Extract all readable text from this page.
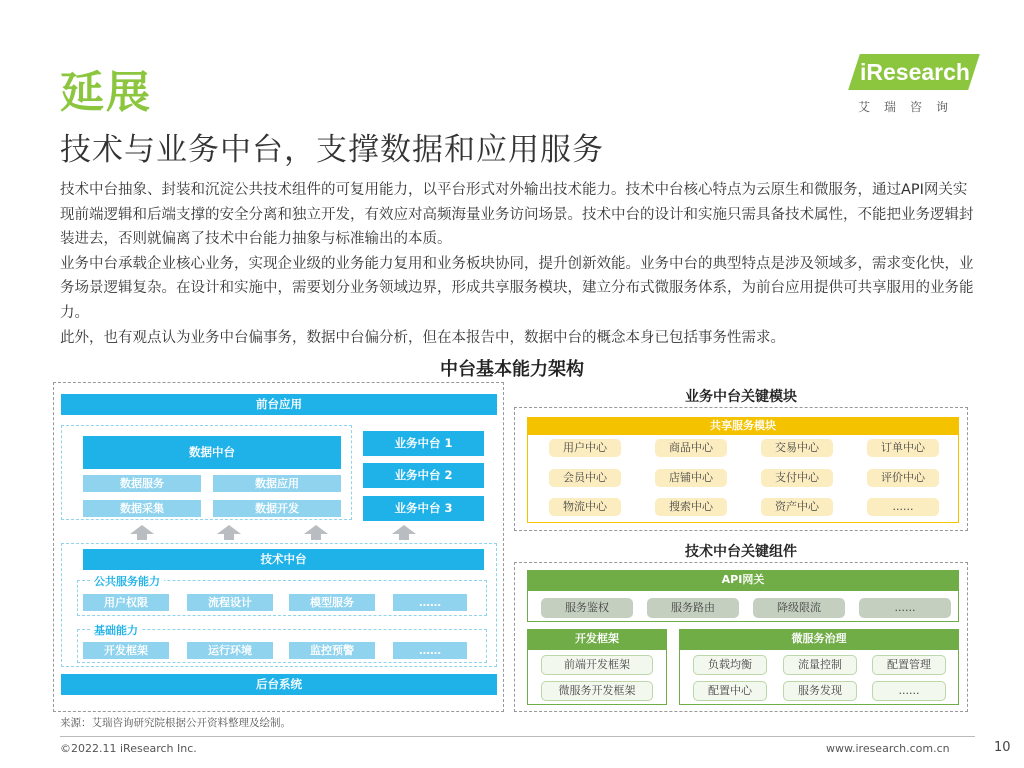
延展
技术与业务中台，支撑数据和应用服务
iResearch
艾瑞咨询

技术中台抽象、封装和沉淀公共技术组件的可复用能力，以平台形式对外输出技术能力。技术中台核心特点为云原生和微服务，通过API网关实现前端逻辑和后端支撑的安全分离和独立开发，有效应对高频海量业务访问场景。技术中台的设计和实施只需具备技术属性，不能把业务逻辑封装进去，否则就偏离了技术中台能力抽象与标准输出的本质。

业务中台承载企业核心业务，实现企业级的业务能力复用和业务板块协同，提升创新效能。业务中台的典型特点是涉及领域多，需求变化快，业务场景逻辑复杂。在设计和实施中，需要划分业务领域边界，形成共享服务模块，建立分布式微服务体系，为前台应用提供可共享服用的业务能力。

此外，也有观点认为业务中台偏事务，数据中台偏分析，但在本报告中，数据中台的概念本身已包括事务性需求。

中台基本能力架构
前台应用
数据中台
数据服务	数据应用
数据采集	数据开发
业务中台 1
业务中台 2
业务中台 3
技术中台
公共服务能力
用户权限	流程设计	模型服务	……
基础能力
开发框架	运行环境	监控预警	……
后台系统
业务中台关键模块
共享服务模块
用户中心	商品中心	交易中心	订单中心
会员中心	店铺中心	支付中心	评价中心
物流中心	搜索中心	资产中心	......
技术中台关键组件
API网关
服务鉴权	服务路由	降级限流	......
开发框架
前端开发框架
微服务开发框架
微服务治理
负载均衡	流量控制	配置管理
配置中心	服务发现	......
来源：艾瑞咨询研究院根据公开资料整理及绘制。
©2022.11 iResearch Inc.	www.iresearch.com.cn	10
